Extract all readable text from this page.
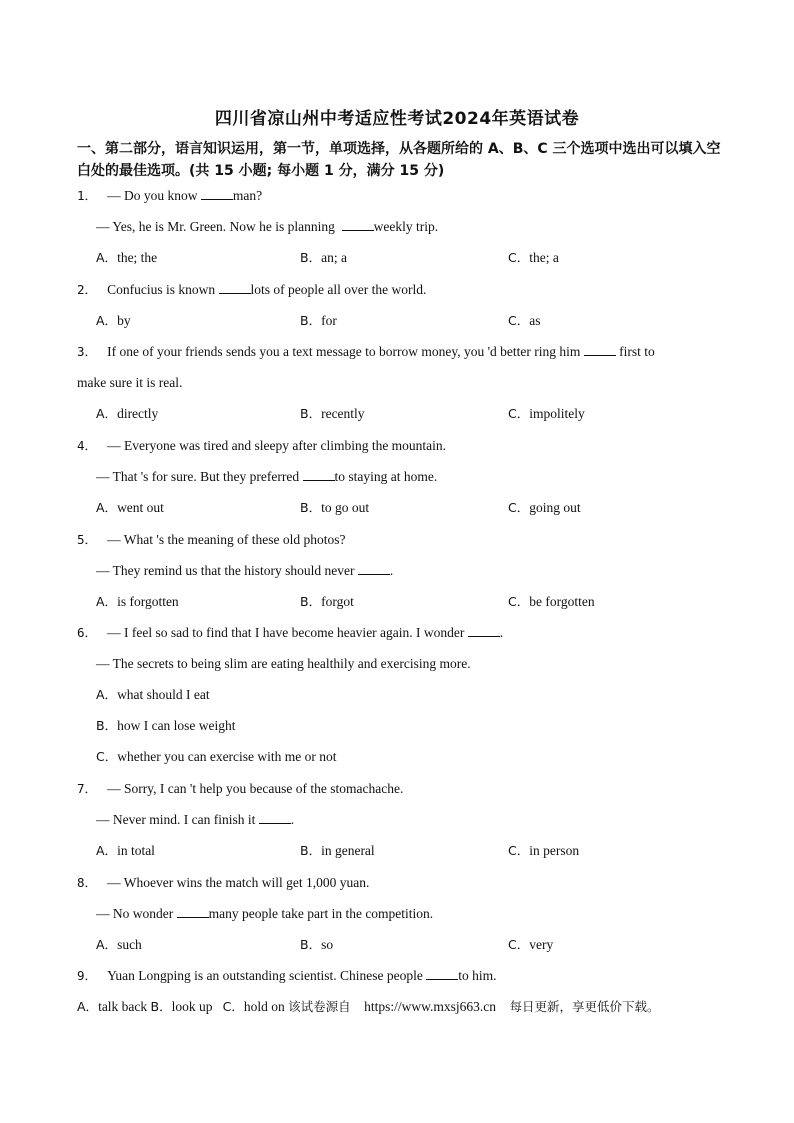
四川省凉山州中考适应性考试2024年英语试卷
一、第二部分，语言知识运用，第一节，单项选择，从各题所给的 A、B、C 三个选项中选出可以填入空白处的最佳选项。(共 15 小题; 每小题 1 分，满分 15 分)
1． — Do you know	man?
— Yes, he is Mr. Green. Now he is planning	weekly trip.
A．the; the	B．an; a	C．the; a
2． Confucius is known	lots of people all over the world.
A．by	B．for	C．as
3． If one of your friends sends you a text message to borrow money, you 'd better ring him	first to
make sure it is real.
A．directly	B．recently	C．impolitely
4． — Everyone was tired and sleepy after climbing the mountain.
— That 's for sure. But they preferred	to staying at home.
A．went out	B．to go out	C．going out
5． — What 's the meaning of these old photos?
— They remind us that the history should never	.
A．is forgotten	B．forgot	C．be forgotten
6． — I feel so sad to find that I have become heavier again. I wonder	.
— The secrets to being slim are eating healthily and exercising more.
A．what should I eat
B．how I can lose weight
C．whether you can exercise with me or not
7． — Sorry, I can 't help you because of the stomachache.
— Never mind. I can finish it	.
A．in total	B．in general	C．in person
8． — Whoever wins the match will get 1,000 yuan.
— No wonder	many people take part in the competition.
A．such	B．so	C．very
9． Yuan Longping is an outstanding scientist. Chinese people	to him.
A．talk back B．look up C．hold on 该试卷源自 https://www.mxsj663.cn 每日更新，享更低价下载。
